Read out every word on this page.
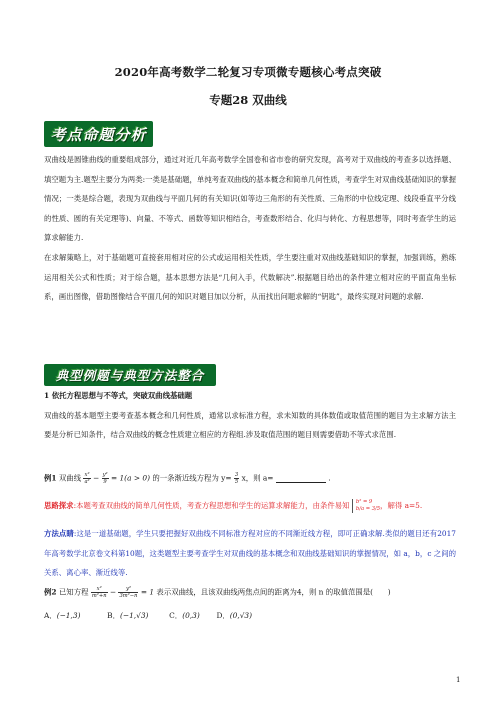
2020年高考数学二轮复习专项微专题核心考点突破
专题28 双曲线
考点命题分析

双曲线是圆锥曲线的重要组成部分，通过对近几年高考数学全国卷和省市卷的研究发现，高考对于双曲线的考查多以选择题、填空题为主.题型主要分为两类:一类是基础题，单纯考查双曲线的基本概念和简单几何性质，考查学生对双曲线基础知识的掌握情况；一类是综合题，表现为双曲线与平面几何的有关知识(如等边三角形的有关性质、三角形的中位线定理、线段垂直平分线的性质、圆的有关定理等)、向量、不等式、函数等知识相结合，考查数形结合、化归与转化、方程思想等，同时考查学生的运算求解能力.

在求解策略上，对于基础题可直接套用相对应的公式或运用相关性质，学生要注重对双曲线基础知识的掌握，加强训练，熟练运用相关公式和性质；对于综合题，基本思想方法是“几何入手，代数解决”.根据题目给出的条件建立相对应的平面直角坐标系，画出图像，借助图像结合平面几何的知识对题目加以分析，从而找出问题求解的“钥匙”，最终实现对问题的求解.

典型例题与典型方法整合

1 依托方程思想与不等式，突破双曲线基础题

双曲线的基本题型主要考查基本概念和几何性质，通常以求标准方程，求未知数的具体数值或取值范围的题目为主求解方法主要是分析已知条件，结合双曲线的概念性质建立相应的方程组.涉及取值范围的题目则需要借助不等式求范围.

例1 双曲线 $\frac{\text{x²}}{\text{a²}} - \frac{\text{y²}}{9} = 1(a > 0)$ 的一条渐近线方程为 $y= \frac{3}{5}$ x，则 a=	.

思路探求:本题考查双曲线的简单几何性质，考查方程思想和学生的运算求解能力，由条件易知 b² = 9
b/a = 3/5 ，解得 a=5.

方法点睛:这是一道基础题，学生只要把握好双曲线不同标准方程对应的不同渐近线方程，即可正确求解.类似的题目还有2017年高考数学北京卷文科第10题，这类题型主要考查学生对双曲线的基本概念和双曲线基础知识的掌握情况，如 a，b，c 之间的关系、离心率、渐近线等.

例2 已知方程 $\frac{\text{x²}}{\text{m²+n}} - \frac{\text{y²}}{\text{3m²−n}} = 1$ 表示双曲线，且该双曲线两焦点间的距离为4，则 n 的取值范围是(　　)
A．(−1,3)	B．(−1,√3)	C．(0,3) D．(0,√3)
1
